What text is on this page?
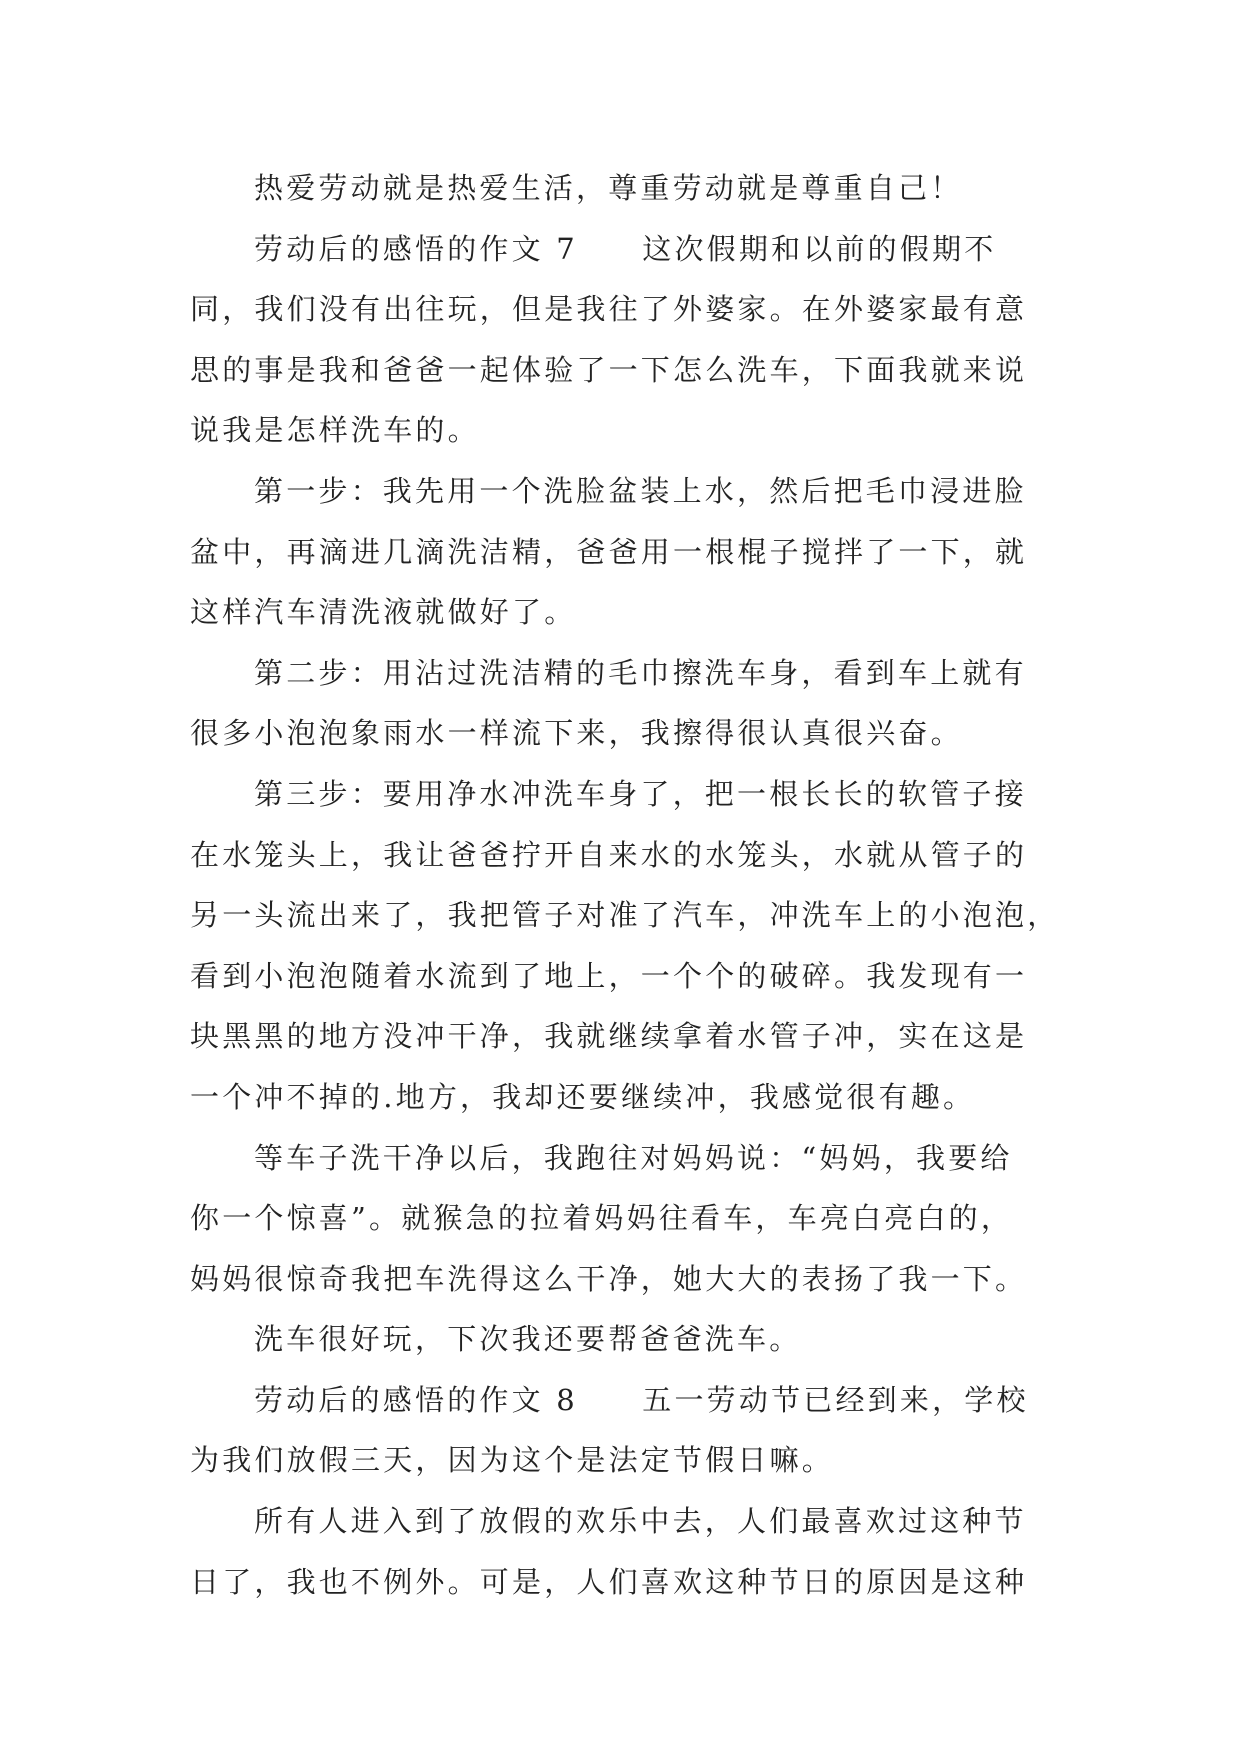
热爱劳动就是热爱生活，尊重劳动就是尊重自己！
劳动后的感悟的作文 7　　这次假期和以前的假期不
同，我们没有出往玩，但是我往了外婆家。在外婆家最有意
思的事是我和爸爸一起体验了一下怎么洗车，下面我就来说
说我是怎样洗车的。
第一步：我先用一个洗脸盆装上水，然后把毛巾浸进脸
盆中，再滴进几滴洗洁精，爸爸用一根棍子搅拌了一下，就
这样汽车清洗液就做好了。
第二步：用沾过洗洁精的毛巾擦洗车身，看到车上就有
很多小泡泡象雨水一样流下来，我擦得很认真很兴奋。
第三步：要用净水冲洗车身了，把一根长长的软管子接
在水笼头上，我让爸爸拧开自来水的水笼头，水就从管子的
另一头流出来了，我把管子对准了汽车，冲洗车上的小泡泡，
看到小泡泡随着水流到了地上，一个个的破碎。我发现有一
块黑黑的地方没冲干净，我就继续拿着水管子冲，实在这是
一个冲不掉的.地方，我却还要继续冲，我感觉很有趣。
等车子洗干净以后，我跑往对妈妈说：“妈妈，我要给
你一个惊喜”。就猴急的拉着妈妈往看车，车亮白亮白的，
妈妈很惊奇我把车洗得这么干净，她大大的表扬了我一下。
洗车很好玩，下次我还要帮爸爸洗车。
劳动后的感悟的作文 8　　五一劳动节已经到来，学校
为我们放假三天，因为这个是法定节假日嘛。
所有人进入到了放假的欢乐中去，人们最喜欢过这种节
日了，我也不例外。可是，人们喜欢这种节日的原因是这种
